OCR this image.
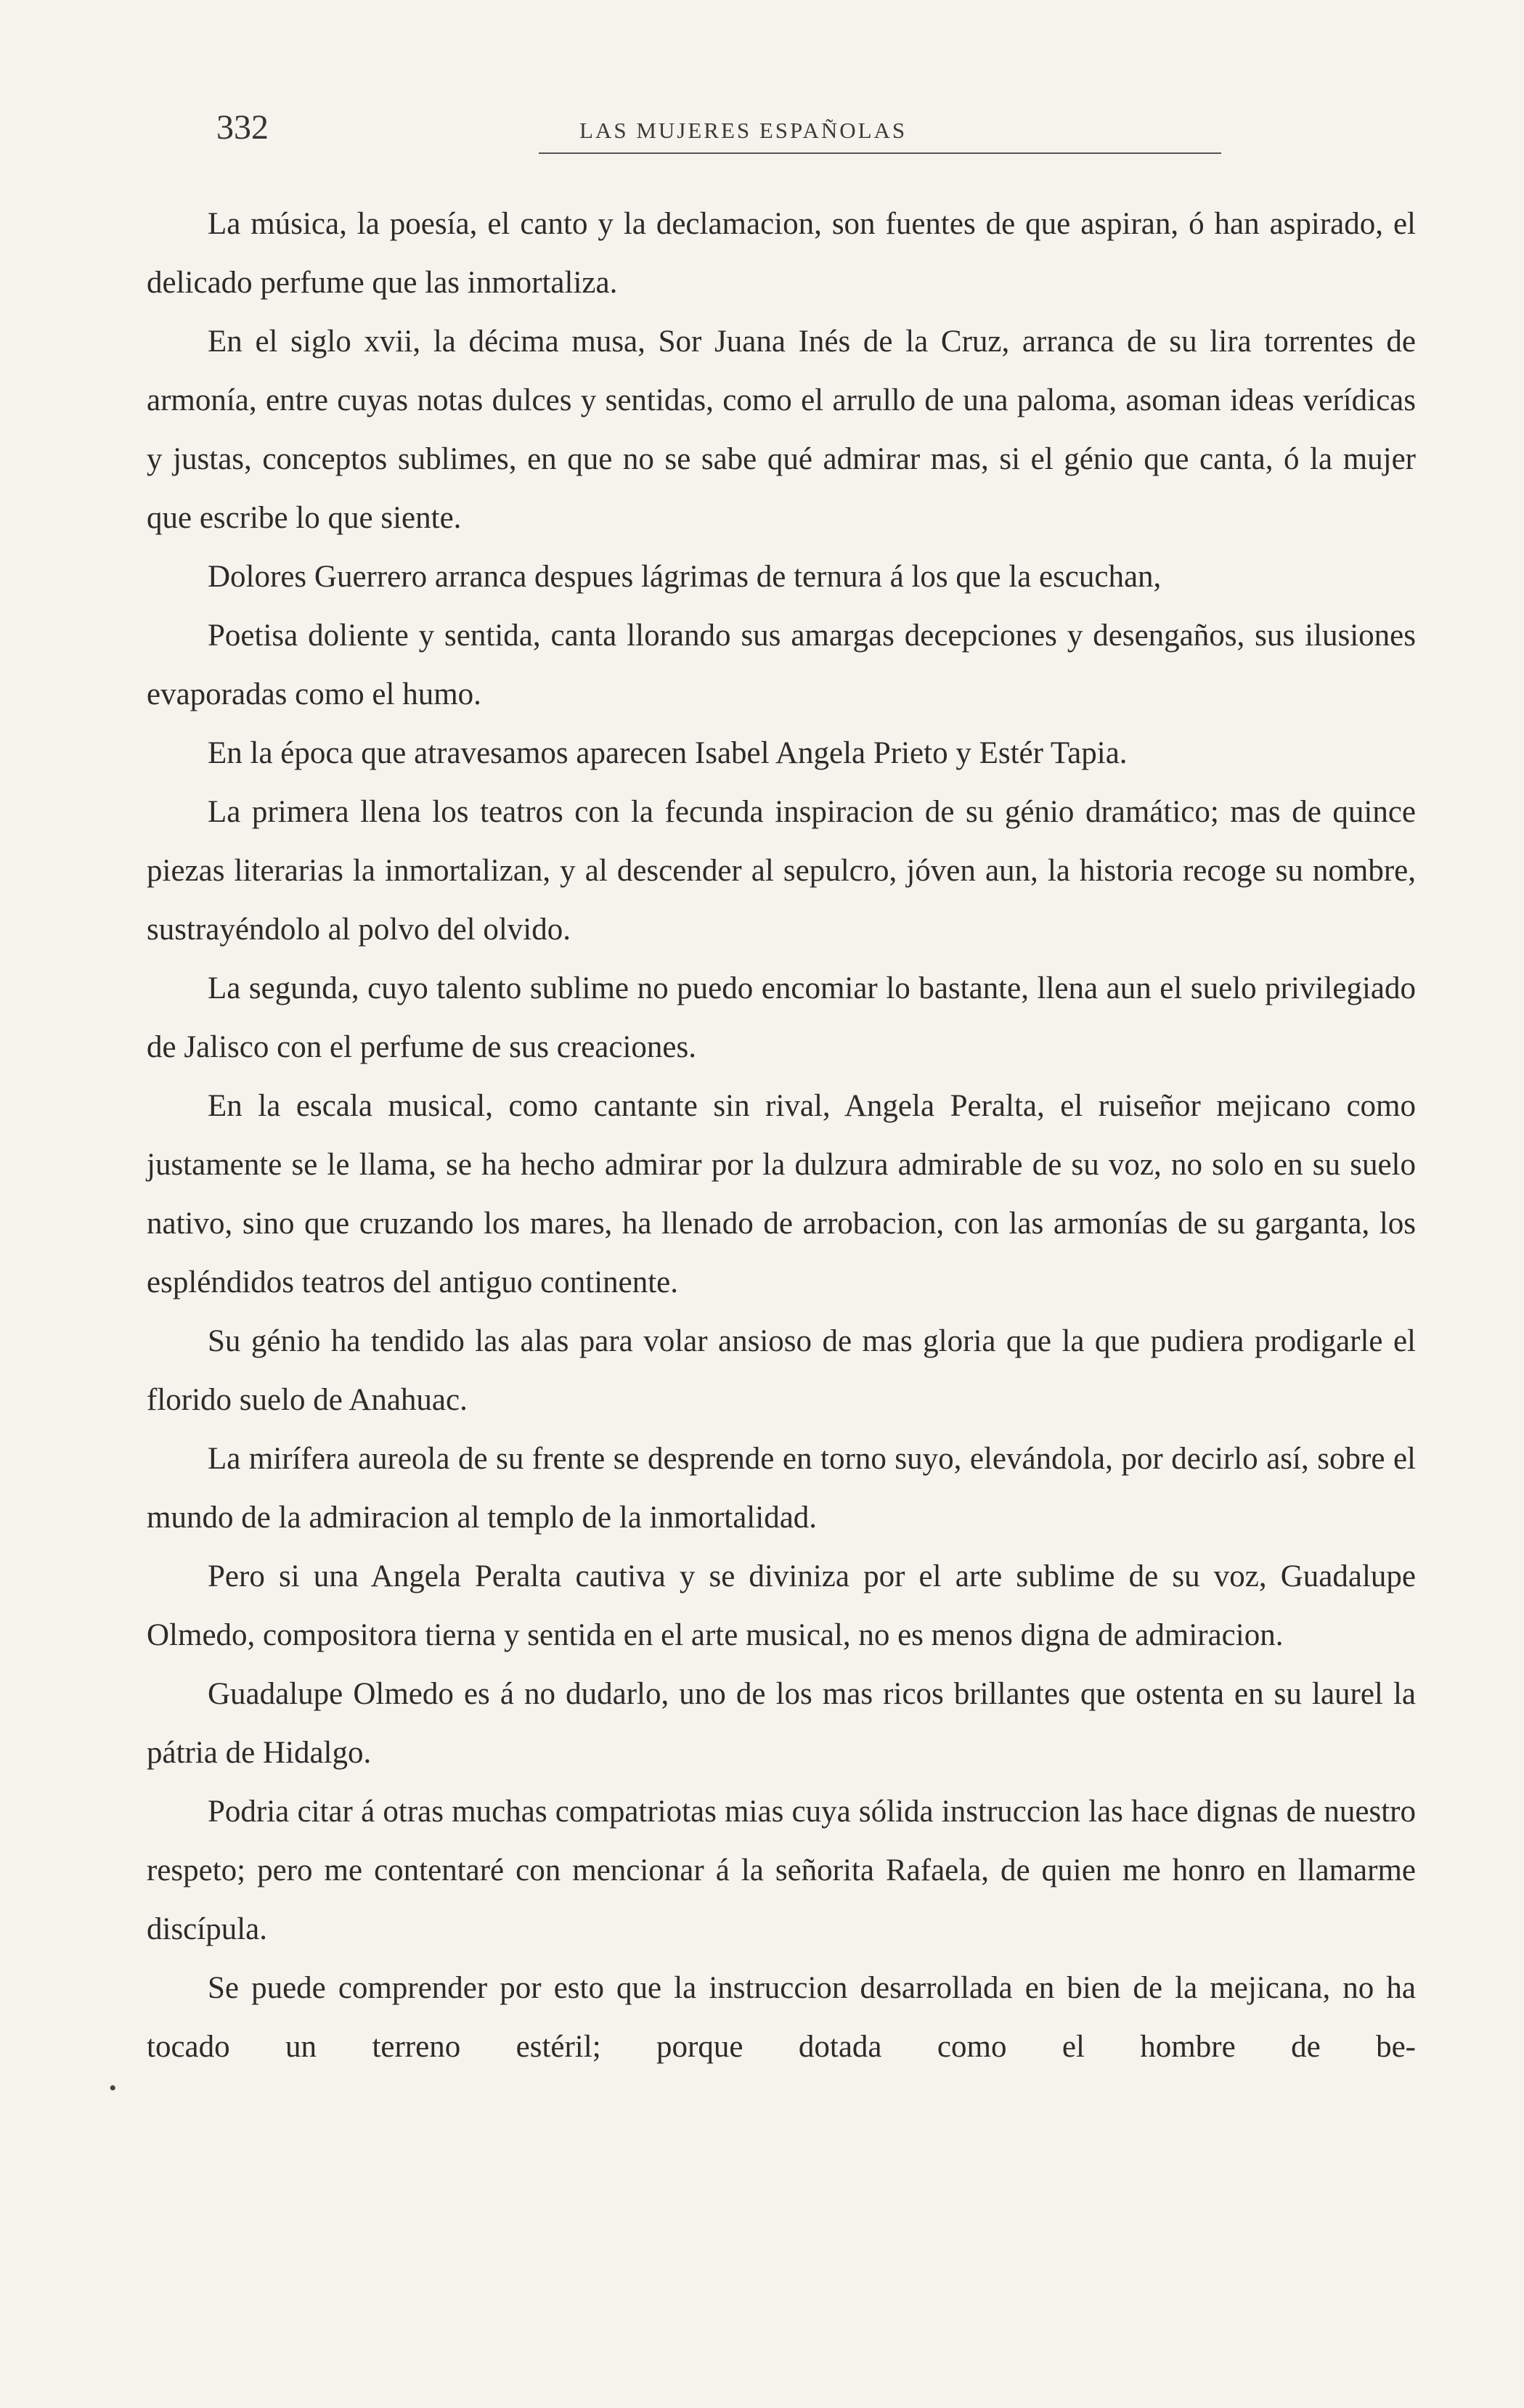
332	LAS MUJERES ESPAÑOLAS

La música, la poesía, el canto y la declamacion, son fuentes de que aspiran, ó han aspirado, el delicado perfume que las inmortaliza.

En el siglo xvii, la décima musa, Sor Juana Inés de la Cruz, arranca de su lira torrentes de armonía, entre cuyas notas dulces y sentidas, como el arrullo de una paloma, asoman ideas verídicas y justas, conceptos sublimes, en que no se sabe qué admirar mas, si el génio que canta, ó la mujer que escribe lo que siente.

Dolores Guerrero arranca despues lágrimas de ternura á los que la escuchan,

Poetisa doliente y sentida, canta llorando sus amargas decepciones y desengaños, sus ilusiones evaporadas como el humo.

En la época que atravesamos aparecen Isabel Angela Prieto y Estér Tapia.

La primera llena los teatros con la fecunda inspiracion de su génio dramático; mas de quince piezas literarias la inmortalizan, y al descender al sepulcro, jóven aun, la historia recoge su nombre, sustrayéndolo al polvo del olvido.

La segunda, cuyo talento sublime no puedo encomiar lo bastante, llena aun el suelo privilegiado de Jalisco con el perfume de sus creaciones.

En la escala musical, como cantante sin rival, Angela Peralta, el ruiseñor mejicano como justamente se le llama, se ha hecho admirar por la dulzura admirable de su voz, no solo en su suelo nativo, sino que cruzando los mares, ha llenado de arrobacion, con las armonías de su garganta, los espléndidos teatros del antiguo continente.

Su génio ha tendido las alas para volar ansioso de mas gloria que la que pudiera prodigarle el florido suelo de Anahuac.

La mirífera aureola de su frente se desprende en torno suyo, elevándola, por decirlo así, sobre el mundo de la admiracion al templo de la inmortalidad.

Pero si una Angela Peralta cautiva y se diviniza por el arte sublime de su voz, Guadalupe Olmedo, compositora tierna y sentida en el arte musical, no es menos digna de admiracion.

Guadalupe Olmedo es á no dudarlo, uno de los mas ricos brillantes que ostenta en su laurel la pátria de Hidalgo.

Podria citar á otras muchas compatriotas mias cuya sólida instruccion las hace dignas de nuestro respeto; pero me contentaré con mencionar á la señorita Rafaela, de quien me honro en llamarme discípula.

Se puede comprender por esto que la instruccion desarrollada en bien de la mejicana, no ha tocado un terreno estéril; porque dotada como el hombre de be-

•
